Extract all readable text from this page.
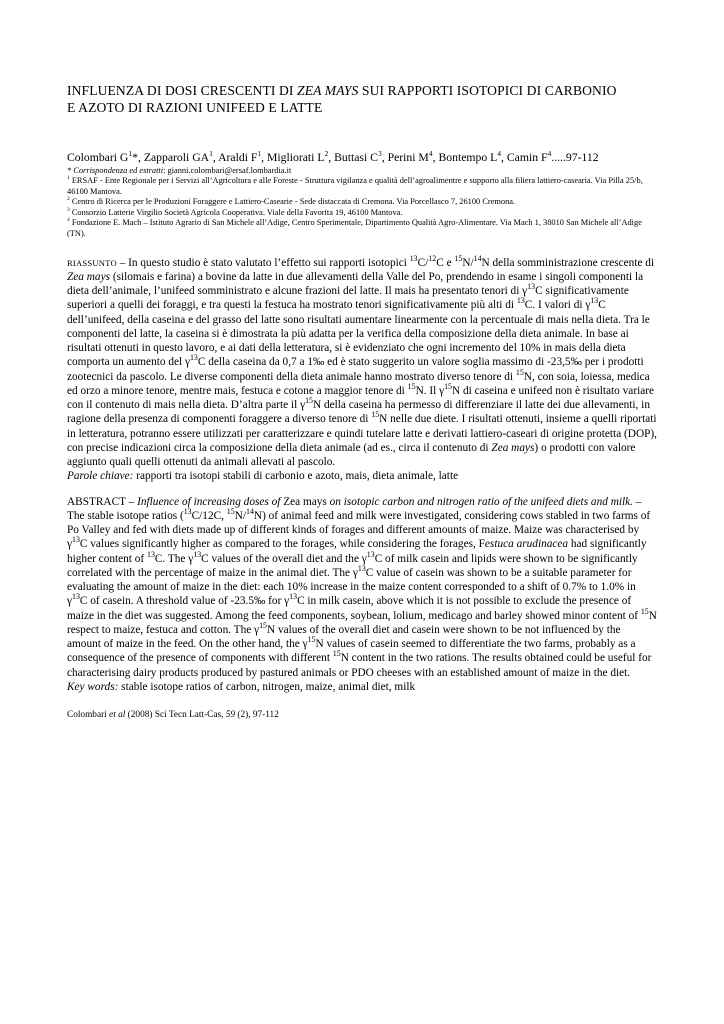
INFLUENZA DI DOSI CRESCENTI DI ZEA MAYS SUI RAPPORTI ISOTOPICI DI CARBONIO
E AZOTO DI RAZIONI UNIFEED E LATTE

Colombari $G^1*$, Zapparoli $GA^1$, Araldi $F^1$, Migliorati $L^2$, Buttasi $C^3$, Perini $M^4$, Bontempo $L^4$, Camin $F^4.....97-112$

* Corrispondenza ed estratti: gianni.colombari@ersaf.lombardia.it

$^1$ ERSAF - Ente Regionale per i Servizi all’Agricoltura e alle Foreste - Struttura vigilanza e qualità dell’agroalimentre e supporto alla filiera lattiero-casearia. Via Pilla 25/b, 46100 Mantova.

$^2$ Centro di Ricerca per le Produzioni Foraggere e Lattiero-Casearie - Sede distaccata di Cremona. Via Porcellasco 7, 26100 Cremona.

$^3$ Consorzio Latterie Virgilio Società Agricola Cooperativa. Viale della Favorita 19, 46100 Mantova.

$^4$ Fondazione E. Mach – Istituto Agrario di San Michele all’Adige, Centro Sperimentale, Dipartimento Qualità Agro-Alimentare. Via Mach 1, 38010 San Michele all’Adige (TN).

RIASSUNTO – In questo studio è stato valutato l’effetto sui rapporti isotopici $^{13}$C/$^{12}$C e $^{15}$N/$^{14}$N della somministrazione crescente di Zea mays (silomais e farina) a bovine da latte in due allevamenti della Valle del Po, prendendo in esame i singoli componenti la dieta dell’animale, l’unifeed somministrato e alcune frazioni del latte. Il mais ha presentato tenori di $\gamma^{13}C$ significativamente superiori a quelli dei foraggi, e tra questi la festuca ha mostrato tenori significativamente più alti di $^{13}$C. I valori di $\gamma^{13}C$ dell’unifeed, della caseina e del grasso del latte sono risultati aumentare linearmente con la percentuale di mais nella dieta. Tra le componenti del latte, la caseina si è dimostrata la più adatta per la verifica della composizione della dieta animale. In base ai risultati ottenuti in questo lavoro, e ai dati della letteratura, si è evidenziato che ogni incremento del 10% in mais della dieta comporta un aumento del $\gamma^{13}C$ della caseina da 0,7 a 1‰ ed è stato suggerito un valore soglia massimo di -23,5‰ per i prodotti zootecnici da pascolo. Le diverse componenti della dieta animale hanno mostrato diverso tenore di $^{15}$N, con soia, loiessa, medica ed orzo a minore tenore, mentre mais, festuca e cotone a maggior tenore di $^{15}$N. Il $\gamma^{15}N$ di caseina e unifeed non è risultato variare con il contenuto di mais nella dieta. D’altra parte il $\gamma^{15}N$ della caseina ha permesso di differenziare il latte dei due allevamenti, in ragione della presenza di componenti foraggere a diverso tenore di $^{15}$N nelle due diete. I risultati ottenuti, insieme a quelli riportati in letteratura, potranno essere utilizzati per caratterizzare e quindi tutelare latte e derivati lattiero-caseari di origine protetta (DOP), con precise indicazioni circa la composizione della dieta animale (ad es., circa il contenuto di Zea mays) o prodotti con valore aggiunto quali quelli ottenuti da animali allevati al pascolo.

Parole chiave: rapporti tra isotopi stabili di carbonio e azoto, mais, dieta animale, latte

ABSTRACT – Influence of increasing doses of Zea mays on isotopic carbon and nitrogen ratio of the unifeed diets and milk. – The stable isotope ratios ($^{13}$C/12C, $^{15}$N/$^{14}$N) of animal feed and milk were investigated, considering cows stabled in two farms of Po Valley and fed with diets made up of different kinds of forages and different amounts of maize. Maize was characterised by $\gamma^{13}C$ values significantly higher as compared to the forages, while considering the forages, Festuca arudinacea had significantly higher content of $^{13}$C. The $\gamma^{13}C$ values of the overall diet and the $\gamma^{13}C$ of milk casein and lipids were shown to be significantly correlated with the percentage of maize in the animal diet. The $\gamma^{13}C$ value of casein was shown to be a suitable parameter for evaluating the amount of maize in the diet: each 10% increase in the maize content corresponded to a shift of 0.7% to 1.0% in $\gamma^{13}C$ of casein. A threshold value of -23.5‰ for $\gamma^{13}C$ in milk casein, above which it is not possible to exclude the presence of maize in the diet was suggested. Among the feed components, soybean, lolium, medicago and barley showed minor content of $^{15}$N respect to maize, festuca and cotton. The $\gamma^{15}N$ values of the overall diet and casein were shown to be not influenced by the amount of maize in the feed. On the other hand, the $\gamma^{15}N$ values of casein seemed to differentiate the two farms, probably as a consequence of the presence of components with different $^{15}$N content in the two rations. The results obtained could be useful for characterising dairy products produced by pastured animals or PDO cheeses with an established amount of maize in the diet.

Key words: stable isotope ratios of carbon, nitrogen, maize, animal diet, milk

Colombari et al (2008) Sci Tecn Latt-Cas, 59 (2), 97-112
